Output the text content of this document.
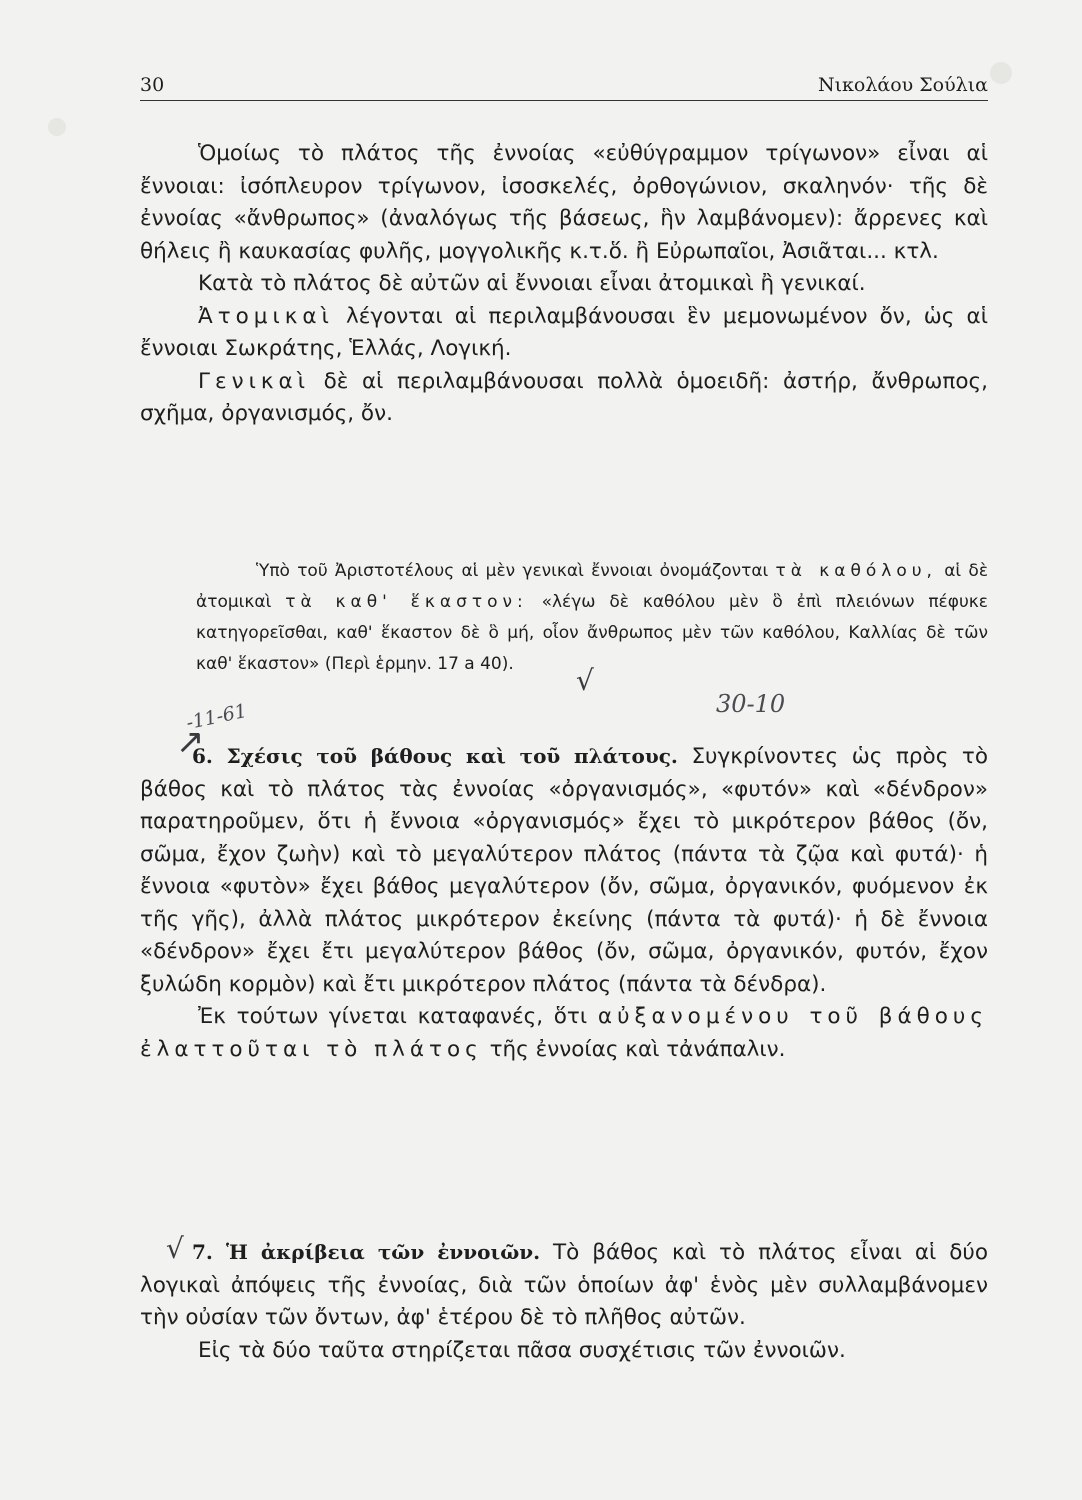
30	Νικολάου Σούλια

Ὁμοίως τὸ πλάτος τῆς ἐννοίας «εὐθύγραμμον τρίγωνον» εἶναι αἱ ἔννοιαι: ἰσόπλευρον τρίγωνον, ἰσοσκελές, ὀρθογώνιον, σκαληνόν· τῆς δὲ ἐννοίας «ἄνθρωπος» (ἀναλόγως τῆς βάσεως, ἣν λαμβάνομεν): ἄρρενες καὶ θήλεις ἢ καυκασίας φυλῆς, μογγολικῆς κ.τ.ὅ. ἢ Εὐρωπαῖοι, Ἀσιᾶται... κτλ.

Κατὰ τὸ πλάτος δὲ αὐτῶν αἱ ἔννοιαι εἶναι ἀτομικαὶ ἢ γενικαί.

Ἀτομικαὶ λέγονται αἱ περιλαμβάνουσαι ἓν μεμονωμένον ὄν, ὡς αἱ ἔννοιαι Σωκράτης, Ἑλλάς, Λογική.

Γενικαὶ δὲ αἱ περιλαμβάνουσαι πολλὰ ὁμοειδῆ: ἀστήρ, ἄνθρωπος, σχῆμα, ὀργανισμός, ὄν.

Ὑπὸ τοῦ Ἀριστοτέλους αἱ μὲν γενικαὶ ἔννοιαι ὀνομάζονται τὰ καθόλου, αἱ δὲ ἀτομικαὶ τὰ καθ' ἕκαστον: «λέγω δὲ καθόλου μὲν ὃ ἐπὶ πλειόνων πέφυκε κατηγορεῖσθαι, καθ' ἕκαστον δὲ ὃ μή, οἷον ἄνθρωπος μὲν τῶν καθόλου, Καλλίας δὲ τῶν καθ' ἕκαστον» (Περὶ ἑρμην. 17 a 40).

-11-61	30-10
√
↗

6. Σχέσις τοῦ βάθους καὶ τοῦ πλάτους. Συγκρίνοντες ὡς πρὸς τὸ βάθος καὶ τὸ πλάτος τὰς ἐννοίας «ὀργανισμός», «φυτόν» καὶ «δένδρον» παρατηροῦμεν, ὅτι ἡ ἔννοια «ὀργανισμός» ἔχει τὸ μικρότερον βάθος (ὄν, σῶμα, ἔχον ζωὴν) καὶ τὸ μεγαλύτερον πλάτος (πάντα τὰ ζῷα καὶ φυτά)· ἡ ἔννοια «φυτὸν» ἔχει βάθος μεγαλύτερον (ὄν, σῶμα, ὀργανικόν, φυόμενον ἐκ τῆς γῆς), ἀλλὰ πλάτος μικρότερον ἐκείνης (πάντα τὰ φυτά)· ἡ δὲ ἔννοια «δένδρον» ἔχει ἔτι μεγαλύτερον βάθος (ὄν, σῶμα, ὀργανικόν, φυτόν, ἔχον ξυλώδη κορμὸν) καὶ ἔτι μικρότερον πλάτος (πάντα τὰ δένδρα).

Ἐκ τούτων γίνεται καταφανές, ὅτι αὐξανομένου τοῦ βάθους ἐλαττοῦται τὸ πλάτος τῆς ἐννοίας καὶ τἀνάπαλιν.

√ 7. Ἡ ἀκρίβεια τῶν ἐννοιῶν. Τὸ βάθος καὶ τὸ πλάτος εἶναι αἱ δύο λογικαὶ ἀπόψεις τῆς ἐννοίας, διὰ τῶν ὁποίων ἀφ' ἑνὸς μὲν συλλαμβάνομεν τὴν οὐσίαν τῶν ὄντων, ἀφ' ἑτέρου δὲ τὸ πλῆθος αὐτῶν.

Εἰς τὰ δύο ταῦτα στηρίζεται πᾶσα συσχέτισις τῶν ἐννοιῶν.
